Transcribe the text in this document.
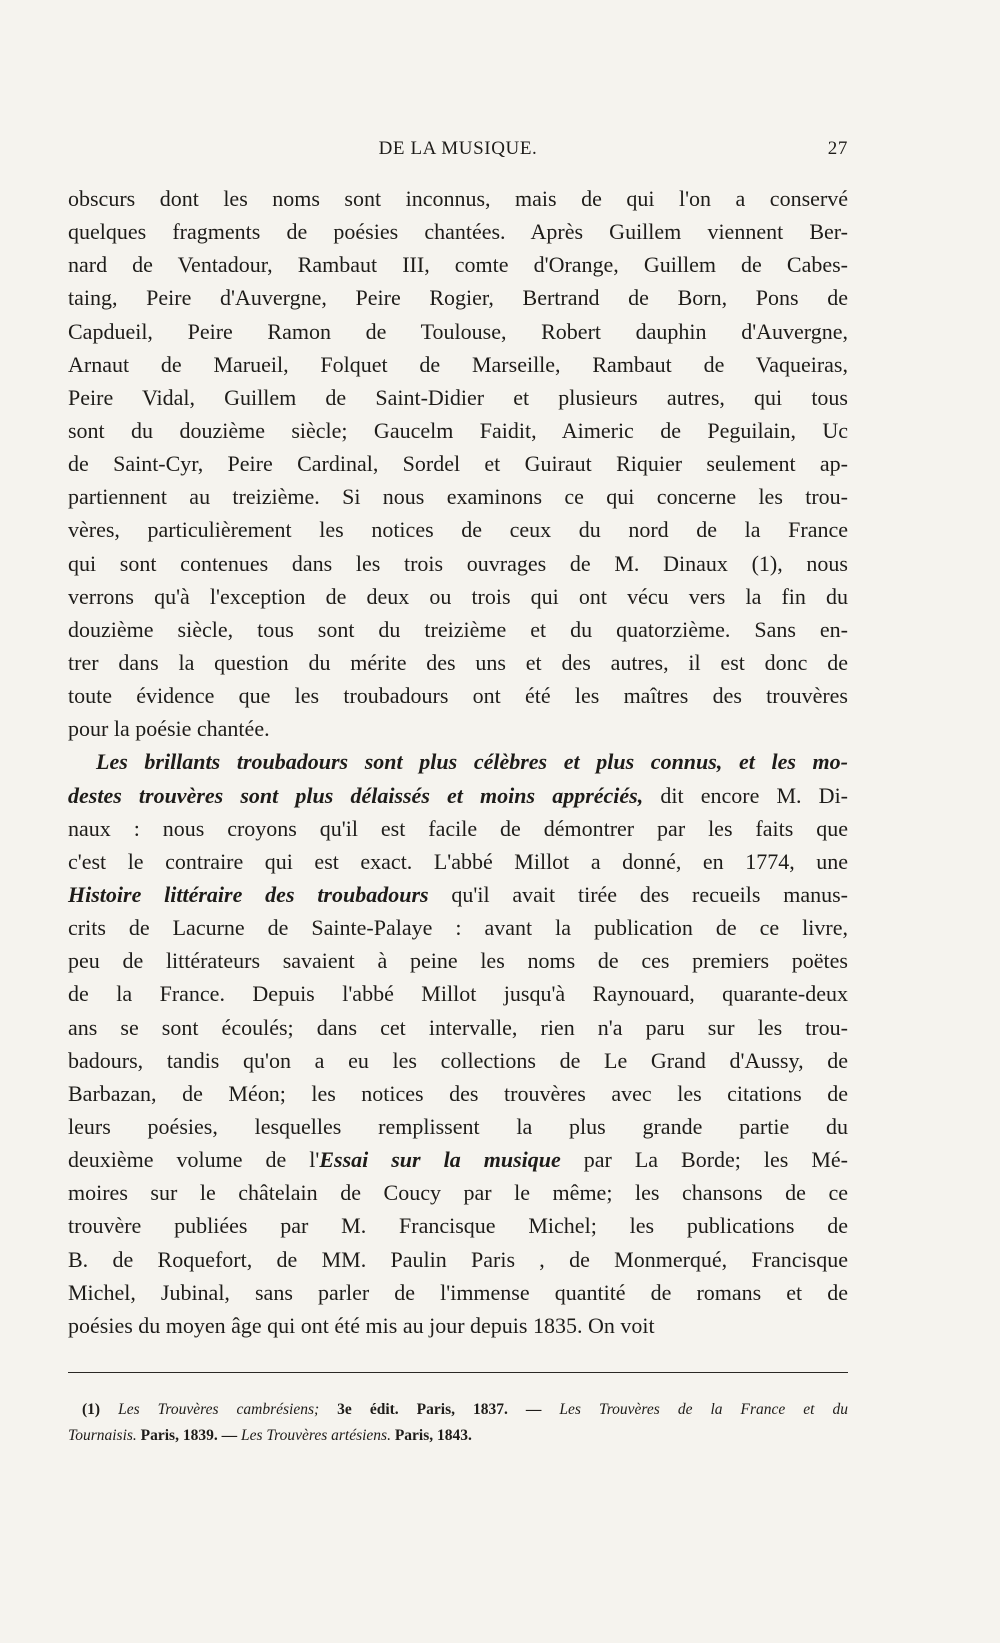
DE LA MUSIQUE.	27
obscurs dont les noms sont inconnus, mais de qui l'on a conservé
quelques fragments de poésies chantées. Après Guillem viennent Ber-
nard de Ventadour, Rambaut III, comte d'Orange, Guillem de Cabes-
taing, Peire d'Auvergne, Peire Rogier, Bertrand de Born, Pons de
Capdueil, Peire Ramon de Toulouse, Robert dauphin d'Auvergne,
Arnaut de Marueil, Folquet de Marseille, Rambaut de Vaqueiras,
Peire Vidal, Guillem de Saint-Didier et plusieurs autres, qui tous
sont du douzième siècle; Gaucelm Faidit, Aimeric de Peguilain, Uc
de Saint-Cyr, Peire Cardinal, Sordel et Guiraut Riquier seulement ap-
partiennent au treizième. Si nous examinons ce qui concerne les trou-
vères, particulièrement les notices de ceux du nord de la France
qui sont contenues dans les trois ouvrages de M. Dinaux (1), nous
verrons qu'à l'exception de deux ou trois qui ont vécu vers la fin du
douzième siècle, tous sont du treizième et du quatorzième. Sans en-
trer dans la question du mérite des uns et des autres, il est donc de
toute évidence que les troubadours ont été les maîtres des trouvères
pour la poésie chantée.
Les brillants troubadours sont plus célèbres et plus connus, et les mo-
destes trouvères sont plus délaissés et moins appréciés, dit encore M. Di-
naux : nous croyons qu'il est facile de démontrer par les faits que
c'est le contraire qui est exact. L'abbé Millot a donné, en 1774, une
Histoire littéraire des troubadours qu'il avait tirée des recueils manus-
crits de Lacurne de Sainte-Palaye : avant la publication de ce livre,
peu de littérateurs savaient à peine les noms de ces premiers poëtes
de la France. Depuis l'abbé Millot jusqu'à Raynouard, quarante-deux
ans se sont écoulés; dans cet intervalle, rien n'a paru sur les trou-
badours, tandis qu'on a eu les collections de Le Grand d'Aussy, de
Barbazan, de Méon; les notices des trouvères avec les citations de
leurs poésies, lesquelles remplissent la plus grande partie du
deuxième volume de l'Essai sur la musique par La Borde; les Mé-
moires sur le châtelain de Coucy par le même; les chansons de ce
trouvère publiées par M. Francisque Michel; les publications de
B. de Roquefort, de MM. Paulin Paris , de Monmerqué, Francisque
Michel, Jubinal, sans parler de l'immense quantité de romans et de
poésies du moyen âge qui ont été mis au jour depuis 1835. On voit
(1) Les Trouvères cambrésiens; 3e édit. Paris, 1837. — Les Trouvères de la France et du
Tournaisis. Paris, 1839. — Les Trouvères artésiens. Paris, 1843.
